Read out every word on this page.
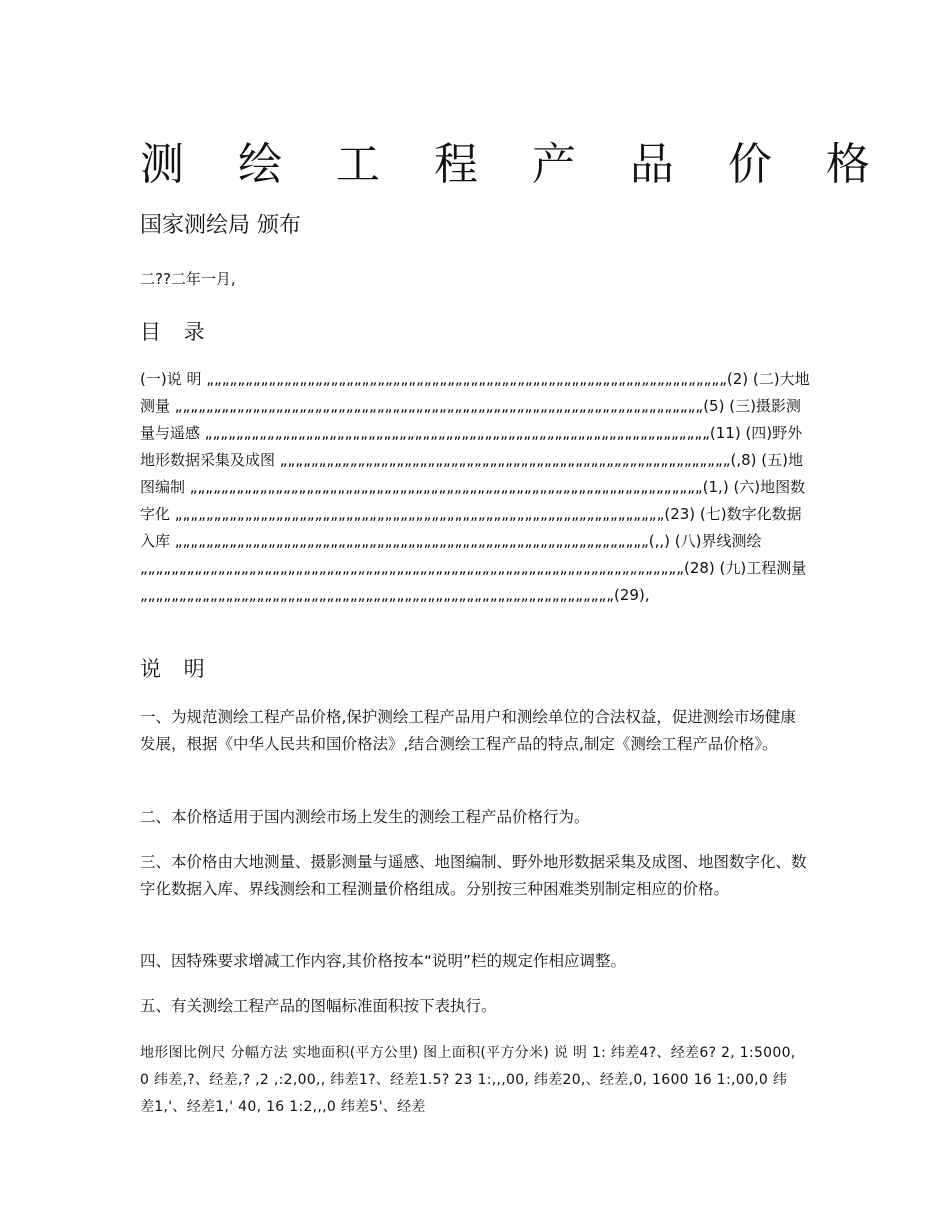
测 绘 工 程 产 品 价 格
国家测绘局 颁布
二??二年一月,
目 录
(一)说 明 „„„„„„„„„„„„„„„„„„„„„„„„„„„„„„„„„„„„„„„„„„„„„„„„„„„„„„„„„„„„„„„„„„„(2) (二)大地测量 „„„„„„„„„„„„„„„„„„„„„„„„„„„„„„„„„„„„„„„„„„„„„„„„„„„„„„„„„„„„„„„„„„„„(5) (三)摄影测量与遥感 „„„„„„„„„„„„„„„„„„„„„„„„„„„„„„„„„„„„„„„„„„„„„„„„„„„„„„„„„„„„„„„„„(11) (四)野外地形数据采集及成图 „„„„„„„„„„„„„„„„„„„„„„„„„„„„„„„„„„„„„„„„„„„„„„„„„„„„„„„„„„(,8) (五)地图编制 „„„„„„„„„„„„„„„„„„„„„„„„„„„„„„„„„„„„„„„„„„„„„„„„„„„„„„„„„„„„„„„„„„(1,) (六)地图数字化 „„„„„„„„„„„„„„„„„„„„„„„„„„„„„„„„„„„„„„„„„„„„„„„„„„„„„„„„„„„„„„„(23) (七)数字化数据入库 „„„„„„„„„„„„„„„„„„„„„„„„„„„„„„„„„„„„„„„„„„„„„„„„„„„„„„„„„„„„„(,,) (八)界线测绘„„„„„„„„„„„„„„„„„„„„„„„„„„„„„„„„„„„„„„„„„„„„„„„„„„„„„„„„„„„„„„„„„„„„„„(28) (九)工程测量 „„„„„„„„„„„„„„„„„„„„„„„„„„„„„„„„„„„„„„„„„„„„„„„„„„„„„„„„„„„„„(29),
说 明

一、为规范测绘工程产品价格,保护测绘工程产品用户和测绘单位的合法权益，促进测绘市场健康发展，根据《中华人民共和国价格法》,结合测绘工程产品的特点,制定《测绘工程产品价格》。

二、本价格适用于国内测绘市场上发生的测绘工程产品价格行为。

三、本价格由大地测量、摄影测量与遥感、地图编制、野外地形数据采集及成图、地图数字化、数字化数据入库、界线测绘和工程测量价格组成。分别按三种困难类别制定相应的价格。

四、因特殊要求增减工作内容,其价格按本“说明”栏的规定作相应调整。

五、有关测绘工程产品的图幅标准面积按下表执行。

地形图比例尺 分幅方法 实地面积(平方公里) 图上面积(平方分米) 说 明 1: 纬差4?、经差6? 2, 1:5000,0 纬差,?、经差,? ,2 ,:2,00,, 纬差1?、经差1.5? 23 1:,,,00, 纬差20,、经差,0, 1600 16 1:,00,0 纬差1,'、经差1,' 40, 16 1:2,,,0 纬差5'、经差
